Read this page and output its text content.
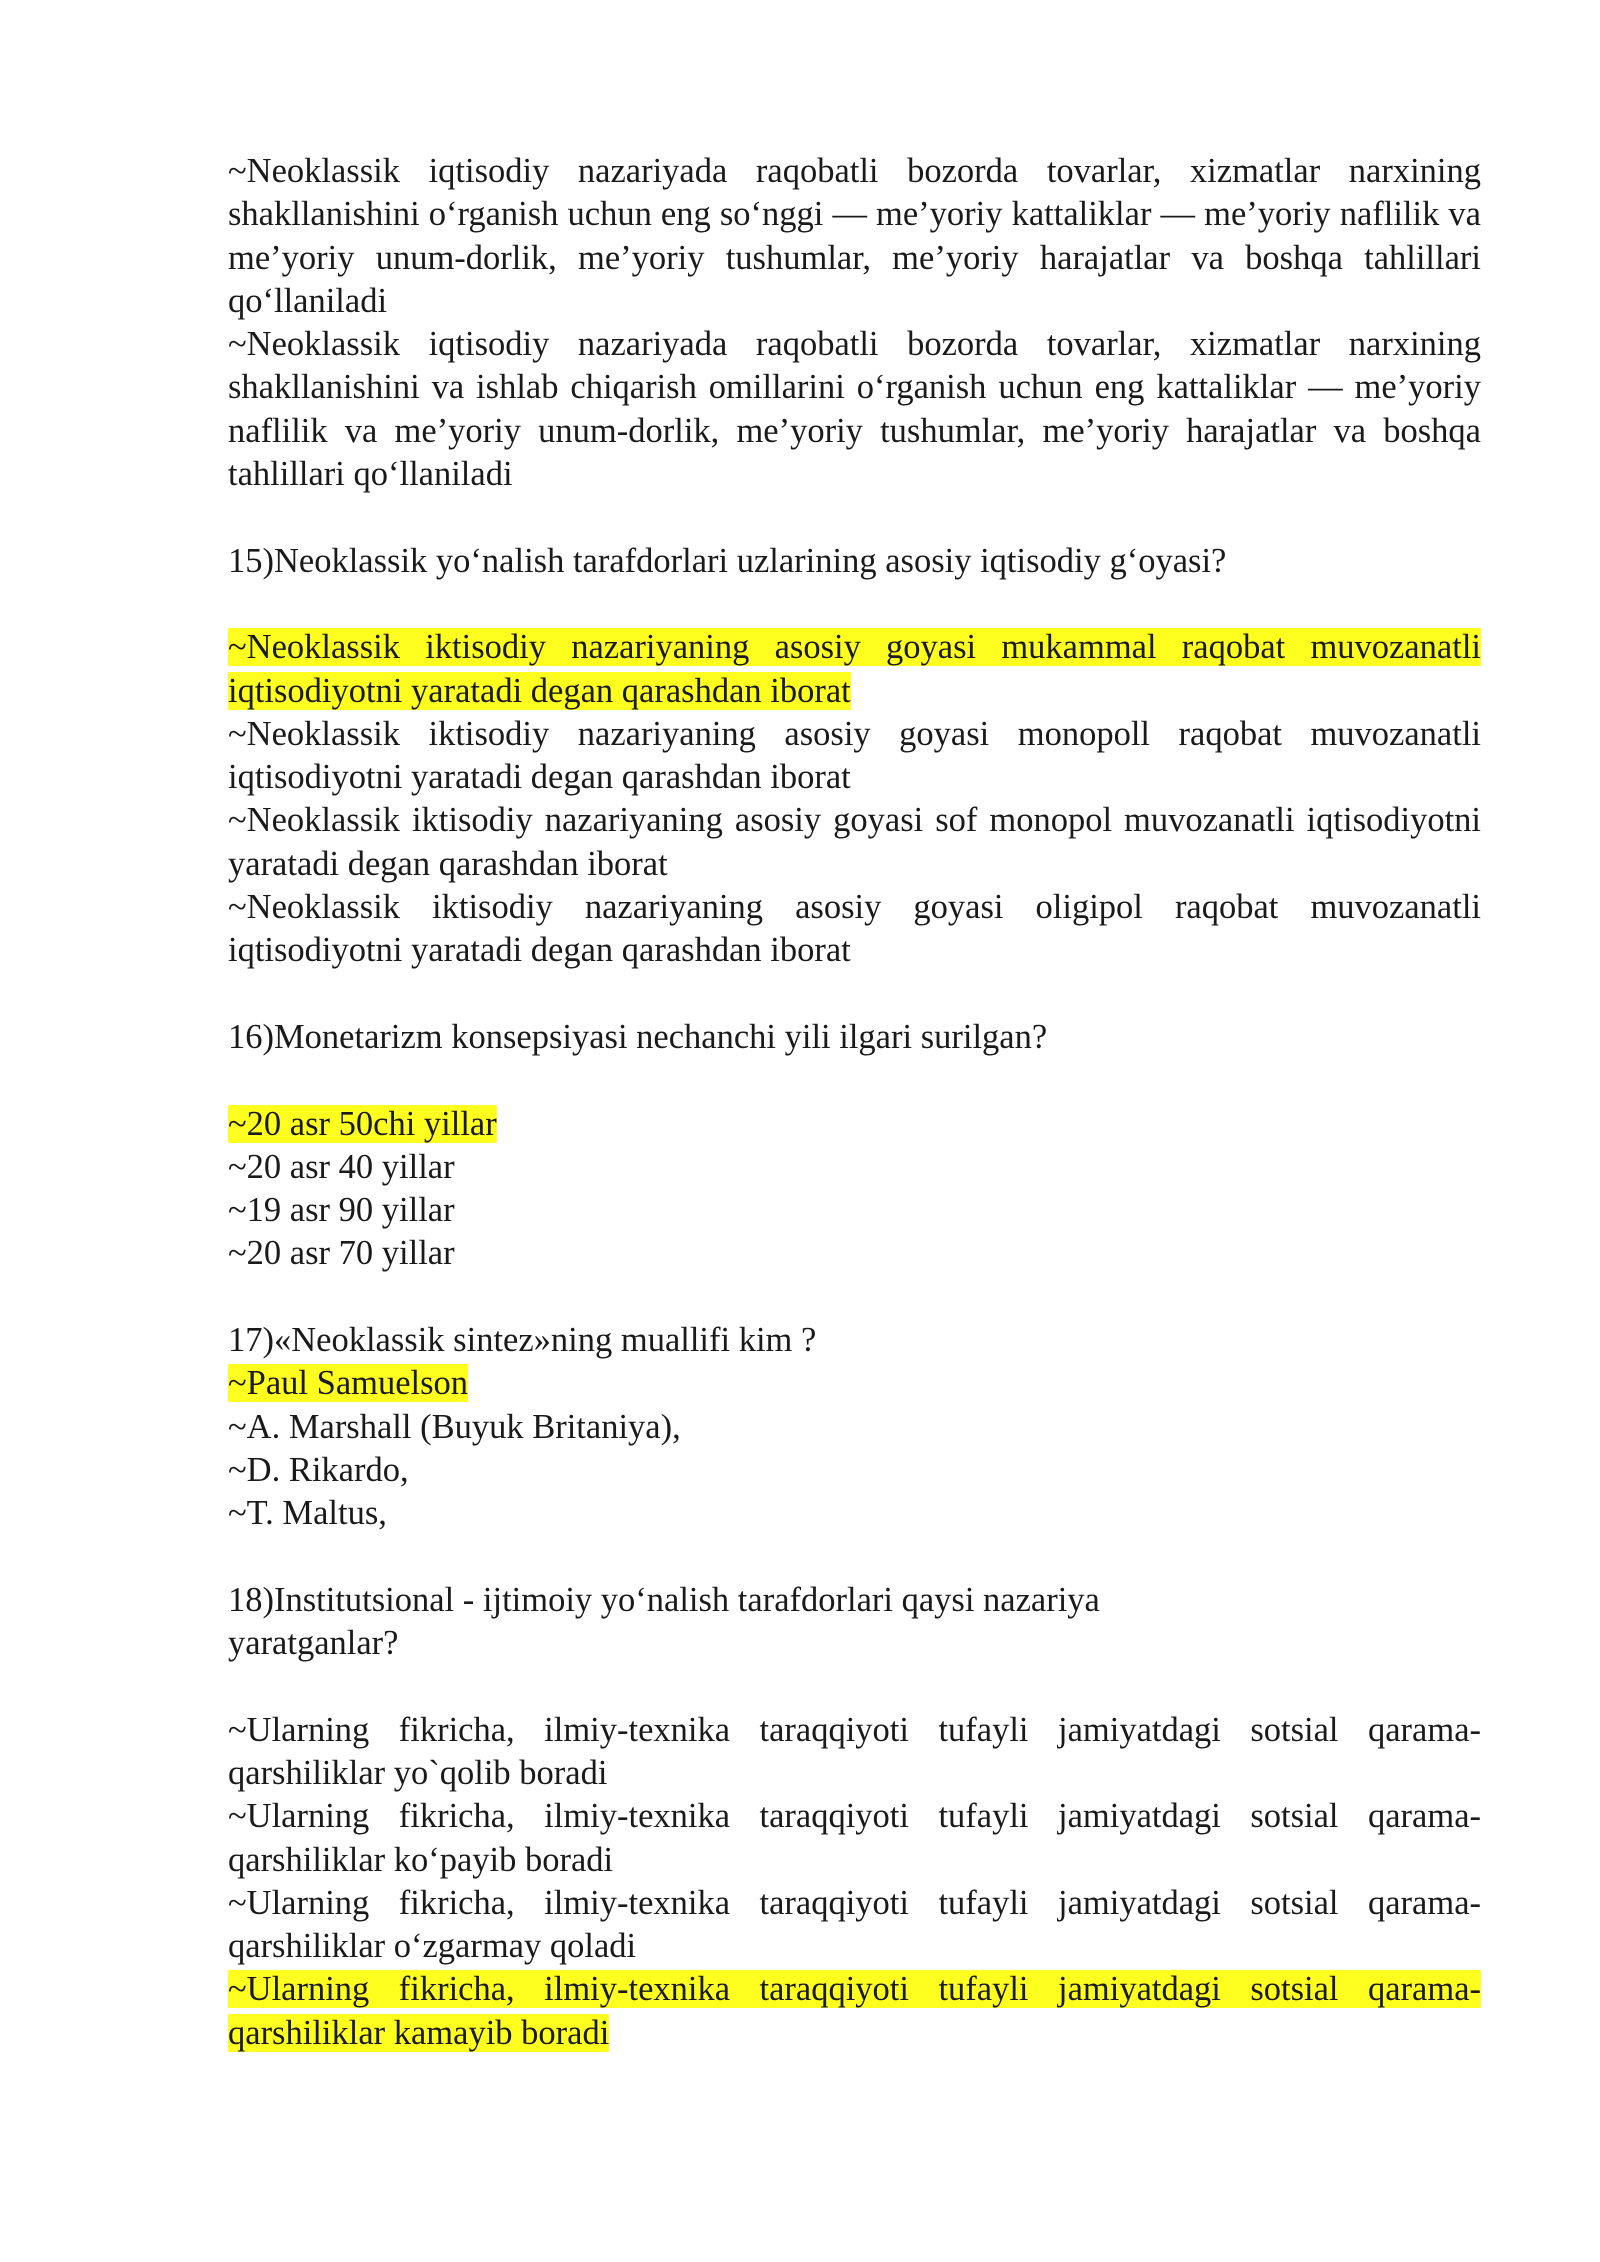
~Neoklassik iqtisodiy nazariyada raqobatli bozorda tovarlar, xizmatlar narxining shakllanishini o‘rganish uchun eng so‘nggi — me’yoriy kattaliklar — me’yoriy naflilik va me’yoriy unum-dorlik, me’yoriy tushumlar, me’yoriy harajatlar va boshqa tahlillari qo‘llaniladi
~Neoklassik iqtisodiy nazariyada raqobatli bozorda tovarlar, xizmatlar narxining shakllanishini va ishlab chiqarish omillarini o‘rganish uchun eng kattaliklar — me’yoriy naflilik va me’yoriy unum-dorlik, me’yoriy tushumlar, me’yoriy harajatlar va boshqa tahlillari qo‘llaniladi
15)Neoklassik yo‘nalish tarafdorlari uzlarining asosiy iqtisodiy g‘oyasi?
~Neoklassik iktisodiy nazariyaning asosiy goyasi mukammal raqobat muvozanatli iqtisodiyotni yaratadi degan qarashdan iborat
~Neoklassik iktisodiy nazariyaning asosiy goyasi monopoll raqobat muvozanatli iqtisodiyotni yaratadi degan qarashdan iborat
~Neoklassik iktisodiy nazariyaning asosiy goyasi sof monopol muvozanatli iqtisodiyotni yaratadi degan qarashdan iborat
~Neoklassik iktisodiy nazariyaning asosiy goyasi oligipol raqobat muvozanatli iqtisodiyotni yaratadi degan qarashdan iborat
16)Monetarizm konsepsiyasi nechanchi yili ilgari surilgan?
~20 asr 50chi yillar
~20 asr 40 yillar
~19 asr 90 yillar
~20 asr 70 yillar
17)«Neoklassik sintez»ning muallifi kim ?
~Paul Samuelson
~A. Marshall (Buyuk Britaniya),
~D. Rikardo,
~T. Maltus,
18)Institutsional - ijtimoiy yo‘nalish tarafdorlari qaysi nazariya
yaratganlar?
~Ularning fikricha, ilmiy-texnika taraqqiyoti tufayli jamiyatdagi sotsial qarama-qarshiliklar yo`qolib boradi
~Ularning fikricha, ilmiy-texnika taraqqiyoti tufayli jamiyatdagi sotsial qarama-qarshiliklar ko‘payib boradi
~Ularning fikricha, ilmiy-texnika taraqqiyoti tufayli jamiyatdagi sotsial qarama-qarshiliklar o‘zgarmay qoladi
~Ularning fikricha, ilmiy-texnika taraqqiyoti tufayli jamiyatdagi sotsial qarama-qarshiliklar kamayib boradi
